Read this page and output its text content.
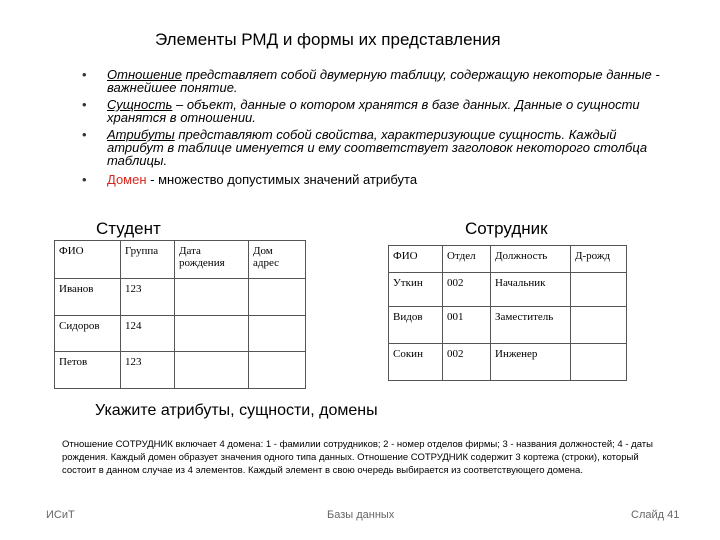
Элементы РМД и формы их представления
• Отношение представляет собой двумерную таблицу, содержащую некоторые данные - важнейшее понятие.
• Сущность – объект, данные о котором хранятся в базе данных. Данные о сущности хранятся в отношении.
• Атрибуты представляют собой свойства, характеризующие сущность. Каждый атрибут в таблице именуется и ему соответствует заголовок некоторого столбца таблицы.
• Домен - множество допустимых значений атрибута
Студент
ФИО	Группа	Дата рождения	Дом адрес
Иванов	123		
Сидоров	124		
Петов	123		
Сотрудник
ФИО	Отдел	Должность	Д-рожд
Уткин	002	Начальник	
Видов	001	Заместитель	
Сокин	002	Инженер	
Укажите атрибуты, сущности, домены
Отношение СОТРУДНИК включает 4 домена: 1 - фамилии сотрудников; 2 - номер отделов фирмы; 3 - названия должностей; 4 - даты рождения. Каждый домен образует значения одного типа данных. Отношение СОТРУДНИК содержит 3 кортежа (строки), который состоит в данном случае из 4 элементов. Каждый элемент в свою очередь выбирается из соответствующего домена.
ИСиТ	Базы данных	Слайд 41
